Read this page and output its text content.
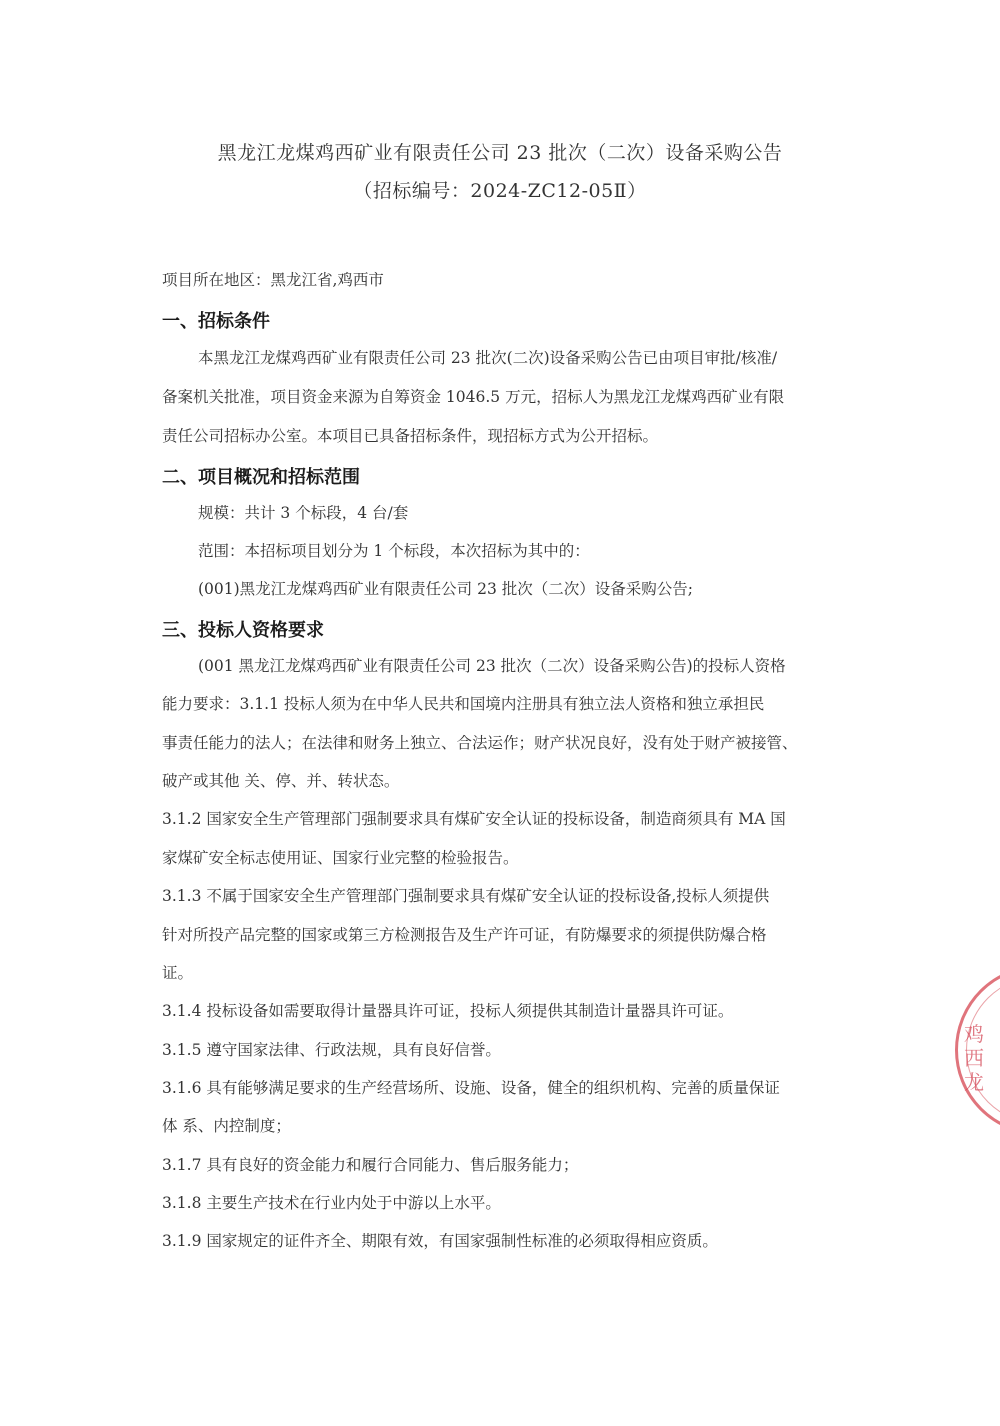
黑龙江龙煤鸡西矿业有限责任公司 23 批次（二次）设备采购公告
（招标编号：2024-ZC12-05Ⅱ）
项目所在地区：黑龙江省,鸡西市
一、招标条件
本黑龙江龙煤鸡西矿业有限责任公司 23 批次(二次)设备采购公告已由项目审批/核准/
备案机关批准，项目资金来源为自筹资金 1046.5 万元，招标人为黑龙江龙煤鸡西矿业有限
责任公司招标办公室。本项目已具备招标条件，现招标方式为公开招标。
二、项目概况和招标范围
规模：共计 3 个标段，4 台/套
范围：本招标项目划分为 1 个标段，本次招标为其中的：
(001)黑龙江龙煤鸡西矿业有限责任公司 23 批次（二次）设备采购公告;
三、投标人资格要求
(001 黑龙江龙煤鸡西矿业有限责任公司 23 批次（二次）设备采购公告)的投标人资格
能力要求：3.1.1 投标人须为在中华人民共和国境内注册具有独立法人资格和独立承担民
事责任能力的法人；在法律和财务上独立、合法运作；财产状况良好，没有处于财产被接管、
破产或其他 关、停、并、转状态。
3.1.2 国家安全生产管理部门强制要求具有煤矿安全认证的投标设备，制造商须具有 MA 国
家煤矿安全标志使用证、国家行业完整的检验报告。
3.1.3 不属于国家安全生产管理部门强制要求具有煤矿安全认证的投标设备,投标人须提供
针对所投产品完整的国家或第三方检测报告及生产许可证，有防爆要求的须提供防爆合格
证。
3.1.4 投标设备如需要取得计量器具许可证，投标人须提供其制造计量器具许可证。
3.1.5 遵守国家法律、行政法规，具有良好信誉。
3.1.6 具有能够满足要求的生产经营场所、设施、设备，健全的组织机构、完善的质量保证
体 系、内控制度；
3.1.7 具有良好的资金能力和履行合同能力、售后服务能力；
3.1.8 主要生产技术在行业内处于中游以上水平。
3.1.9 国家规定的证件齐全、期限有效，有国家强制性标准的必须取得相应资质。
鸡西龙
